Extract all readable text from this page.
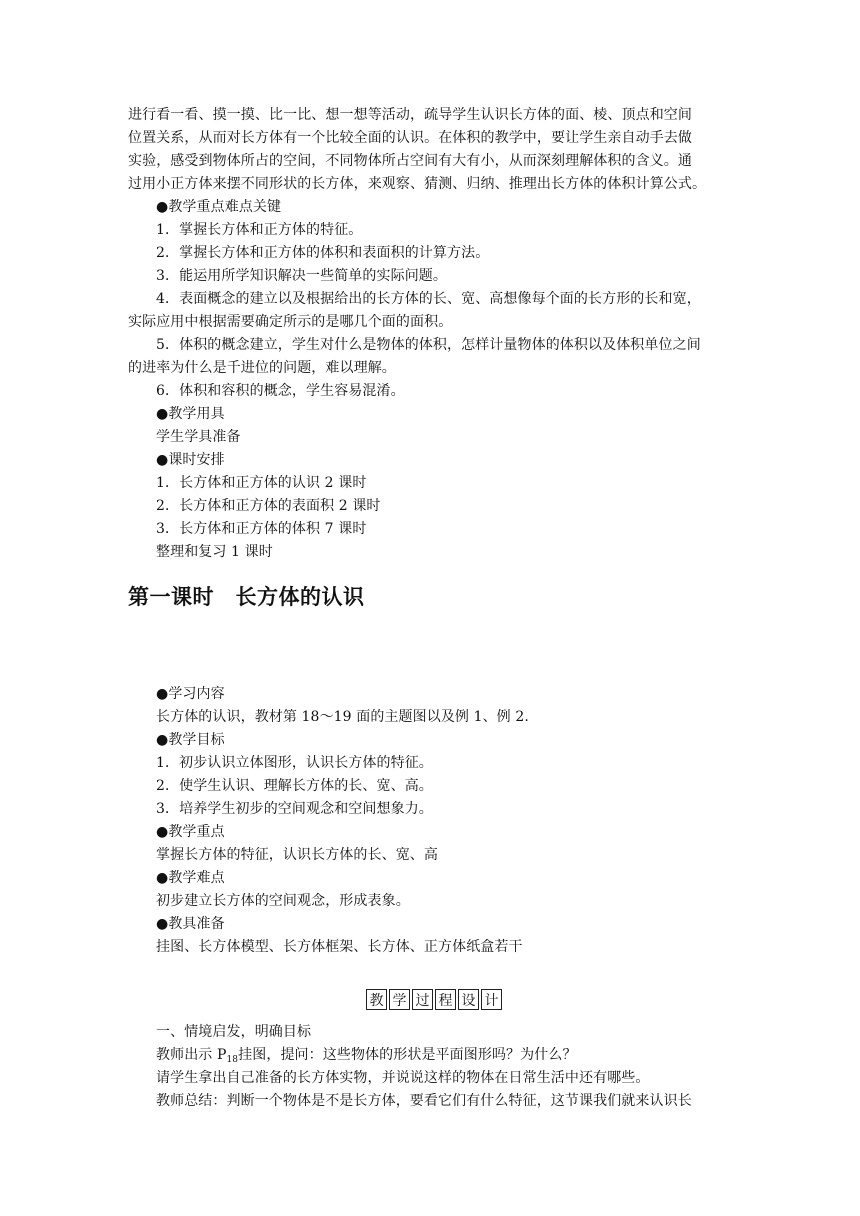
进行看一看、摸一摸、比一比、想一想等活动，疏导学生认识长方体的面、棱、顶点和空间
位置关系，从而对长方体有一个比较全面的认识。在体积的教学中，要让学生亲自动手去做
实验，感受到物体所占的空间，不同物体所占空间有大有小，从而深刻理解体积的含义。通
过用小正方体来摆不同形状的长方体，来观察、猜测、归纳、推理出长方体的体积计算公式。
●教学重点难点关键
1．掌握长方体和正方体的特征。
2．掌握长方体和正方体的体积和表面积的计算方法。
3．能运用所学知识解决一些简单的实际问题。
4．表面概念的建立以及根据给出的长方体的长、宽、高想像每个面的长方形的长和宽，
实际应用中根据需要确定所示的是哪几个面的面积。
5．体积的概念建立，学生对什么是物体的体积，怎样计量物体的体积以及体积单位之间
的进率为什么是千进位的问题，难以理解。
6．体积和容积的概念，学生容易混淆。
●教学用具
学生学具准备
●课时安排
1．长方体和正方体的认识 2 课时
2．长方体和正方体的表面积 2 课时
3．长方体和正方体的体积 7 课时
整理和复习 1 课时
第一课时　长方体的认识
●学习内容
长方体的认识，教材第 18～19 面的主题图以及例 1、例 2.
●教学目标
1．初步认识立体图形，认识长方体的特征。
2．使学生认识、理解长方体的长、宽、高。
3．培养学生初步的空间观念和空间想象力。
●教学重点
掌握长方体的特征，认识长方体的长、宽、高
●教学难点
初步建立长方体的空间观念，形成表象。
●教具准备
挂图、长方体模型、长方体框架、长方体、正方体纸盒若干
教 学 过 程 设 计
一、情境启发，明确目标
教师出示 $P_{18}$挂图，提问：这些物体的形状是平面图形吗？为什么？
请学生拿出自己准备的长方体实物，并说说这样的物体在日常生活中还有哪些。
教师总结：判断一个物体是不是长方体，要看它们有什么特征，这节课我们就来认识长
